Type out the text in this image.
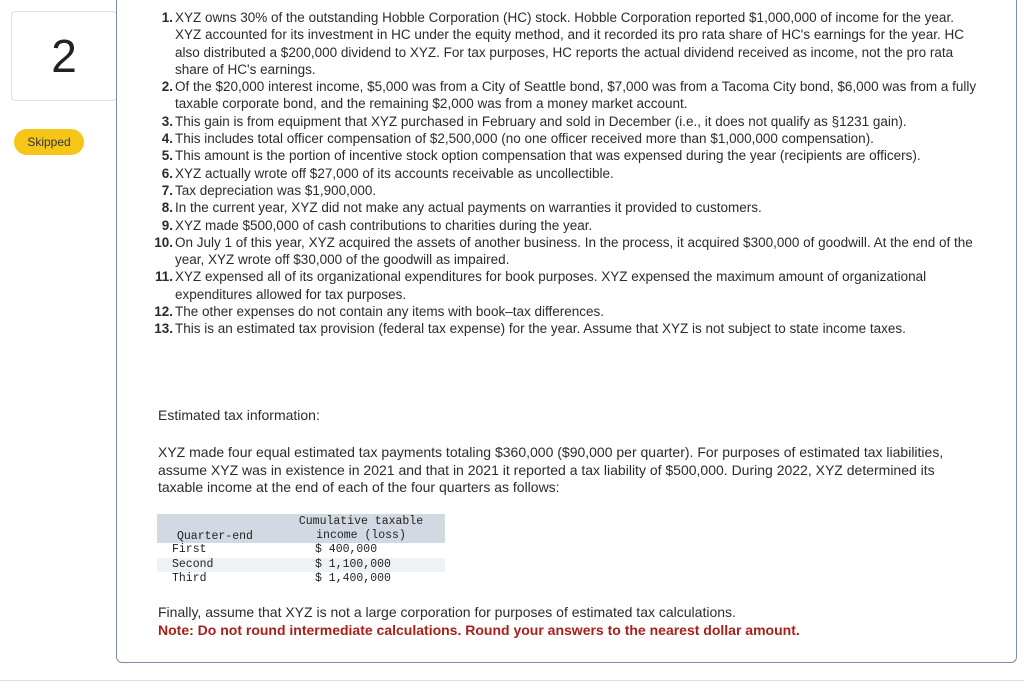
2
Skipped
1. XYZ owns 30% of the outstanding Hobble Corporation (HC) stock. Hobble Corporation reported $1,000,000 of income for the year. XYZ accounted for its investment in HC under the equity method, and it recorded its pro rata share of HC's earnings for the year. HC also distributed a $200,000 dividend to XYZ. For tax purposes, HC reports the actual dividend received as income, not the pro rata share of HC's earnings.
2. Of the $20,000 interest income, $5,000 was from a City of Seattle bond, $7,000 was from a Tacoma City bond, $6,000 was from a fully taxable corporate bond, and the remaining $2,000 was from a money market account.
3. This gain is from equipment that XYZ purchased in February and sold in December (i.e., it does not qualify as §1231 gain).
4. This includes total officer compensation of $2,500,000 (no one officer received more than $1,000,000 compensation).
5. This amount is the portion of incentive stock option compensation that was expensed during the year (recipients are officers).
6. XYZ actually wrote off $27,000 of its accounts receivable as uncollectible.
7. Tax depreciation was $1,900,000.
8. In the current year, XYZ did not make any actual payments on warranties it provided to customers.
9. XYZ made $500,000 of cash contributions to charities during the year.
10. On July 1 of this year, XYZ acquired the assets of another business. In the process, it acquired $300,000 of goodwill. At the end of the year, XYZ wrote off $30,000 of the goodwill as impaired.
11. XYZ expensed all of its organizational expenditures for book purposes. XYZ expensed the maximum amount of organizational expenditures allowed for tax purposes.
12. The other expenses do not contain any items with book–tax differences.
13. This is an estimated tax provision (federal tax expense) for the year. Assume that XYZ is not subject to state income taxes.
Estimated tax information:
XYZ made four equal estimated tax payments totaling $360,000 ($90,000 per quarter). For purposes of estimated tax liabilities, assume XYZ was in existence in 2021 and that in 2021 it reported a tax liability of $500,000. During 2022, XYZ determined its taxable income at the end of each of the four quarters as follows:
Quarter-end
Cumulative taxable
income (loss)
First	$ 400,000
Second	$ 1,100,000
Third	$ 1,400,000
Finally, assume that XYZ is not a large corporation for purposes of estimated tax calculations.
Note: Do not round intermediate calculations. Round your answers to the nearest dollar amount.
